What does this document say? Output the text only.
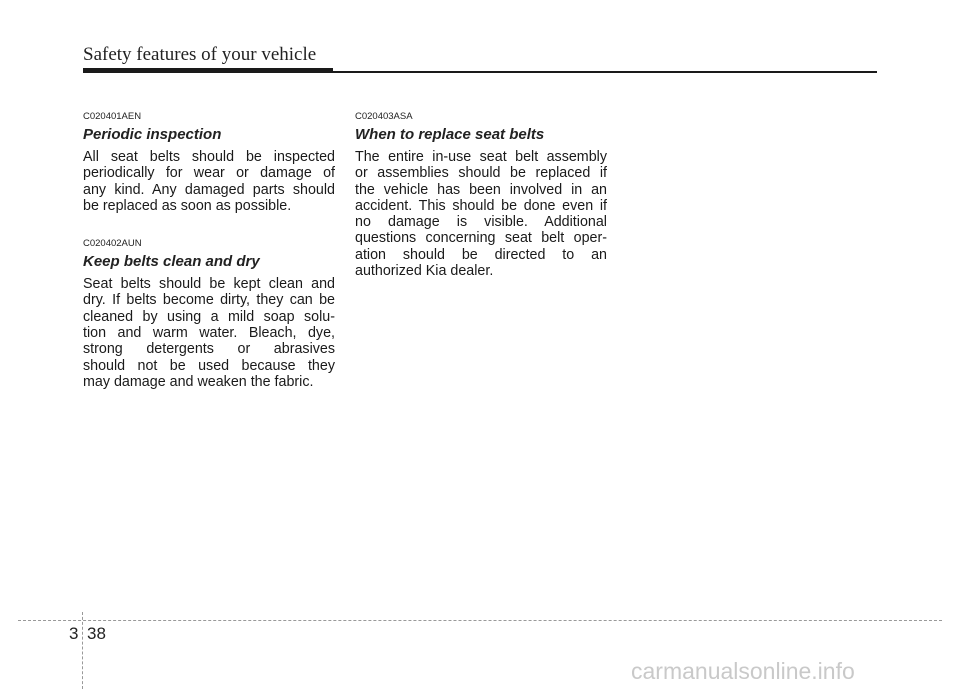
Safety features of your vehicle

C020401AEN

Periodic inspection

All seat belts should be inspected
periodically for wear or damage of
any kind. Any damaged parts should
be replaced as soon as possible.

C020402AUN

Keep belts clean and dry

Seat belts should be kept clean and
dry. If belts become dirty, they can be
cleaned by using a mild soap solu-
tion and warm water. Bleach, dye,
strong detergents or abrasives
should not be used because they
may damage and weaken the fabric.

C020403ASA

When to replace seat belts

The entire in-use seat belt assembly
or assemblies should be replaced if
the vehicle has been involved in an
accident. This should be done even if
no damage is visible. Additional
questions concerning seat belt oper-
ation should be directed to an
authorized Kia dealer.

3 38
carmanualsonline.info
